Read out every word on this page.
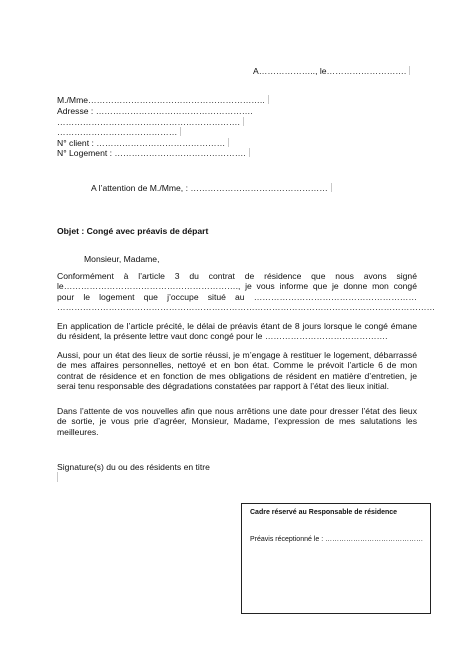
A……………….., le……………………….
M./Mme……………………………………………………..
Adresse : ……………………………………………….
……………………………………………………….
……………………………………
N° client : ………………………………………
N° Logement : ……………………………………….
A l’attention de M./Mme, : …………………………………………
Objet : Congé avec préavis de départ
Monsieur, Madame,
Conformément à l’article 3 du contrat de résidence que nous avons signé le……………………………………………………., je vous informe que je donne mon congé pour le logement que j’occupe situé au ………………………………………………… ……………………………………………………………………………………………………………………
En application de l’article précité, le délai de préavis étant de 8 jours lorsque le congé émane du résident, la présente lettre vaut donc congé pour le …………………………………….
Aussi, pour un état des lieux de sortie réussi, je m’engage à restituer le logement, débarrassé de mes affaires personnelles, nettoyé et en bon état. Comme le prévoit l’article 6 de mon contrat de résidence et en fonction de mes obligations de résident en matière d’entretien, je serai tenu responsable des dégradations constatées par rapport à l’état des lieux initial.
Dans l’attente de vos nouvelles afin que nous arrêtions une date pour dresser l’état des lieux de sortie, je vous prie d’agréer, Monsieur, Madame, l’expression de mes salutations les meilleures.
Signature(s) du ou des résidents en titre
Cadre réservé au Responsable de résidence
Préavis réceptionné le : ……………………………………
